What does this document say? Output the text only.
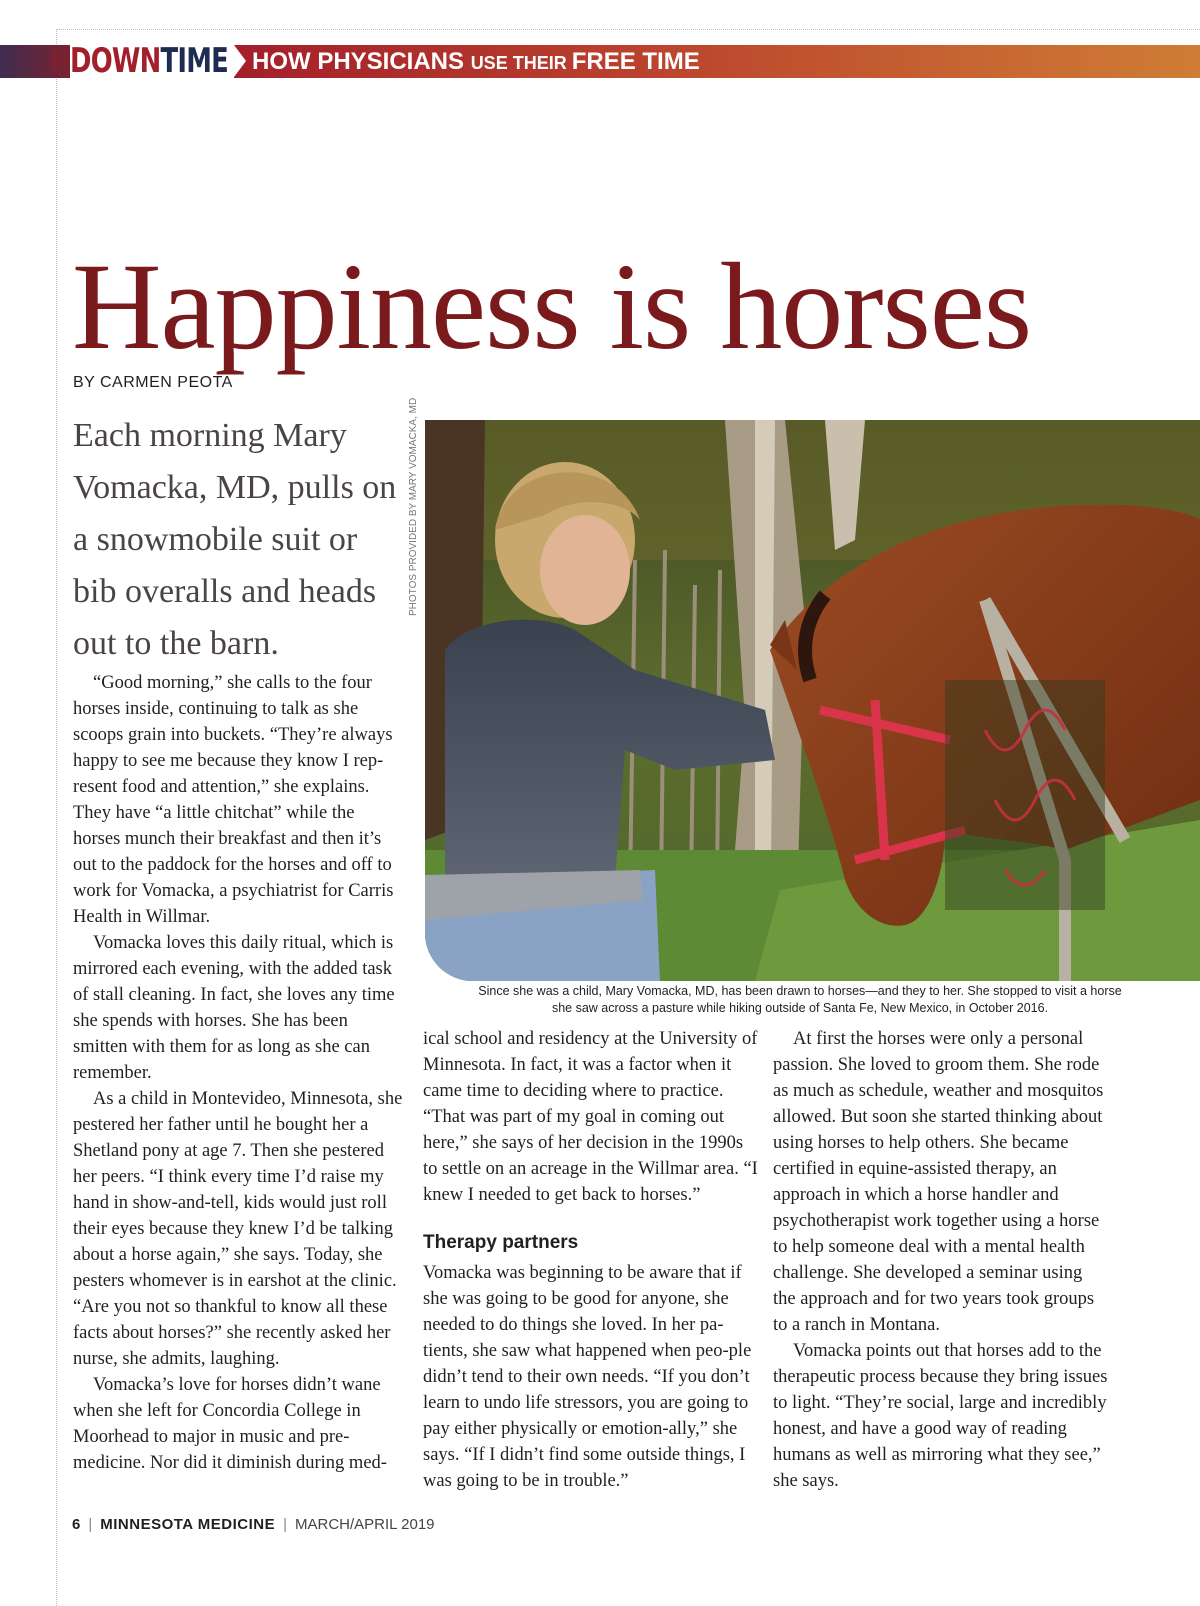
DOWNTIME HOW PHYSICIANS USE THEIR FREE TIME
Happiness is horses
BY CARMEN PEOTA

Each morning Mary Vomacka, MD, pulls on a snowmobile suit or bib overalls and heads out to the barn.

“Good morning,” she calls to the four horses inside, continuing to talk as she scoops grain into buckets. “They’re always happy to see me because they know I rep-resent food and attention,” she explains. They have “a little chitchat” while the horses munch their breakfast and then it’s out to the paddock for the horses and off to work for Vomacka, a psychiatrist for Carris Health in Willmar.

Vomacka loves this daily ritual, which is mirrored each evening, with the added task of stall cleaning. In fact, she loves any time she spends with horses. She has been smitten with them for as long as she can remember.

As a child in Montevideo, Minnesota, she pestered her father until he bought her a Shetland pony at age 7. Then she pestered her peers. “I think every time I’d raise my hand in show-and-tell, kids would just roll their eyes because they knew I’d be talking about a horse again,” she says. Today, she pesters whomever is in earshot at the clinic. “Are you not so thankful to know all these facts about horses?” she recently asked her nurse, she admits, laughing.

Vomacka’s love for horses didn’t wane when she left for Concordia College in Moorhead to major in music and pre-medicine. Nor did it diminish during med-

PHOTOS PROVIDED BY MARY VOMACKA, MD
Since she was a child, Mary Vomacka, MD, has been drawn to horses—and they to her. She stopped to visit a horse she saw across a pasture while hiking outside of Santa Fe, New Mexico, in October 2016.

ical school and residency at the University of Minnesota. In fact, it was a factor when it came time to deciding where to practice. “That was part of my goal in coming out here,” she says of her decision in the 1990s to settle on an acreage in the Willmar area. “I knew I needed to get back to horses.”

Therapy partners

Vomacka was beginning to be aware that if she was going to be good for anyone, she needed to do things she loved. In her pa-tients, she saw what happened when peo-ple didn’t tend to their own needs. “If you don’t learn to undo life stressors, you are going to pay either physically or emotion-ally,” she says. “If I didn’t find some outside things, I was going to be in trouble.”

At first the horses were only a personal passion. She loved to groom them. She rode as much as schedule, weather and mosquitos allowed. But soon she started thinking about using horses to help others. She became certified in equine-assisted therapy, an approach in which a horse handler and psychotherapist work together using a horse to help someone deal with a mental health challenge. She developed a seminar using the approach and for two years took groups to a ranch in Montana.

Vomacka points out that horses add to the therapeutic process because they bring issues to light. “They’re social, large and incredibly honest, and have a good way of reading humans as well as mirroring what they see,” she says.

6 | MINNESOTA MEDICINE | MARCH/APRIL 2019
